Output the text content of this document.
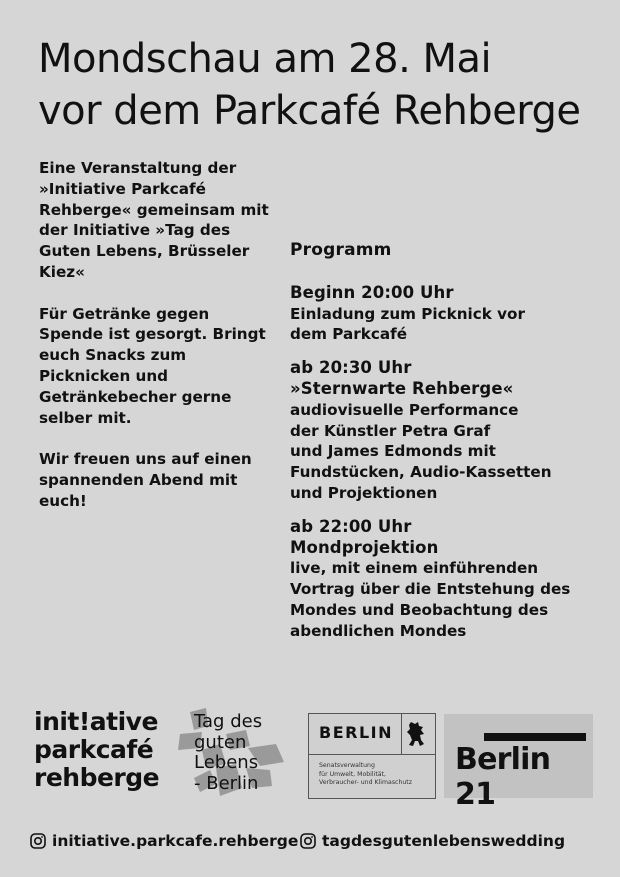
Mondschau am 28. Mai
vor dem Parkcafé Rehberge

Eine Veranstaltung der »Initiative Parkcafé Rehberge« gemeinsam mit der Initiative »Tag des Guten Lebens, Brüsseler Kiez«

Für Getränke gegen Spende ist gesorgt. Bringt euch Snacks zum Picknicken und Getränkebecher gerne selber mit.

Wir freuen uns auf einen spannenden Abend mit euch!

Programm
Beginn 20:00 Uhr
Einladung zum Picknick vor
dem Parkcafé
ab 20:30 Uhr
»Sternwarte Rehberge«
audiovisuelle Performance
der Künstler Petra Graf
und James Edmonds mit
Fundstücken, Audio-Kassetten
und Projektionen
ab 22:00 Uhr
Mondprojektion
live, mit einem einführenden
Vortrag über die Entstehung des
Mondes und Beobachtung des
abendlichen Mondes
init!ative
parkcafé
rehberge
Tag des
guten
Lebens
- Berlin
BERLIN
Senatsverwaltung
für Umwelt, Mobilität,
Verbraucher- und Klimaschutz
Berlin 21
initiative.parkcafe.rehberge tagdesgutenlebenswedding
